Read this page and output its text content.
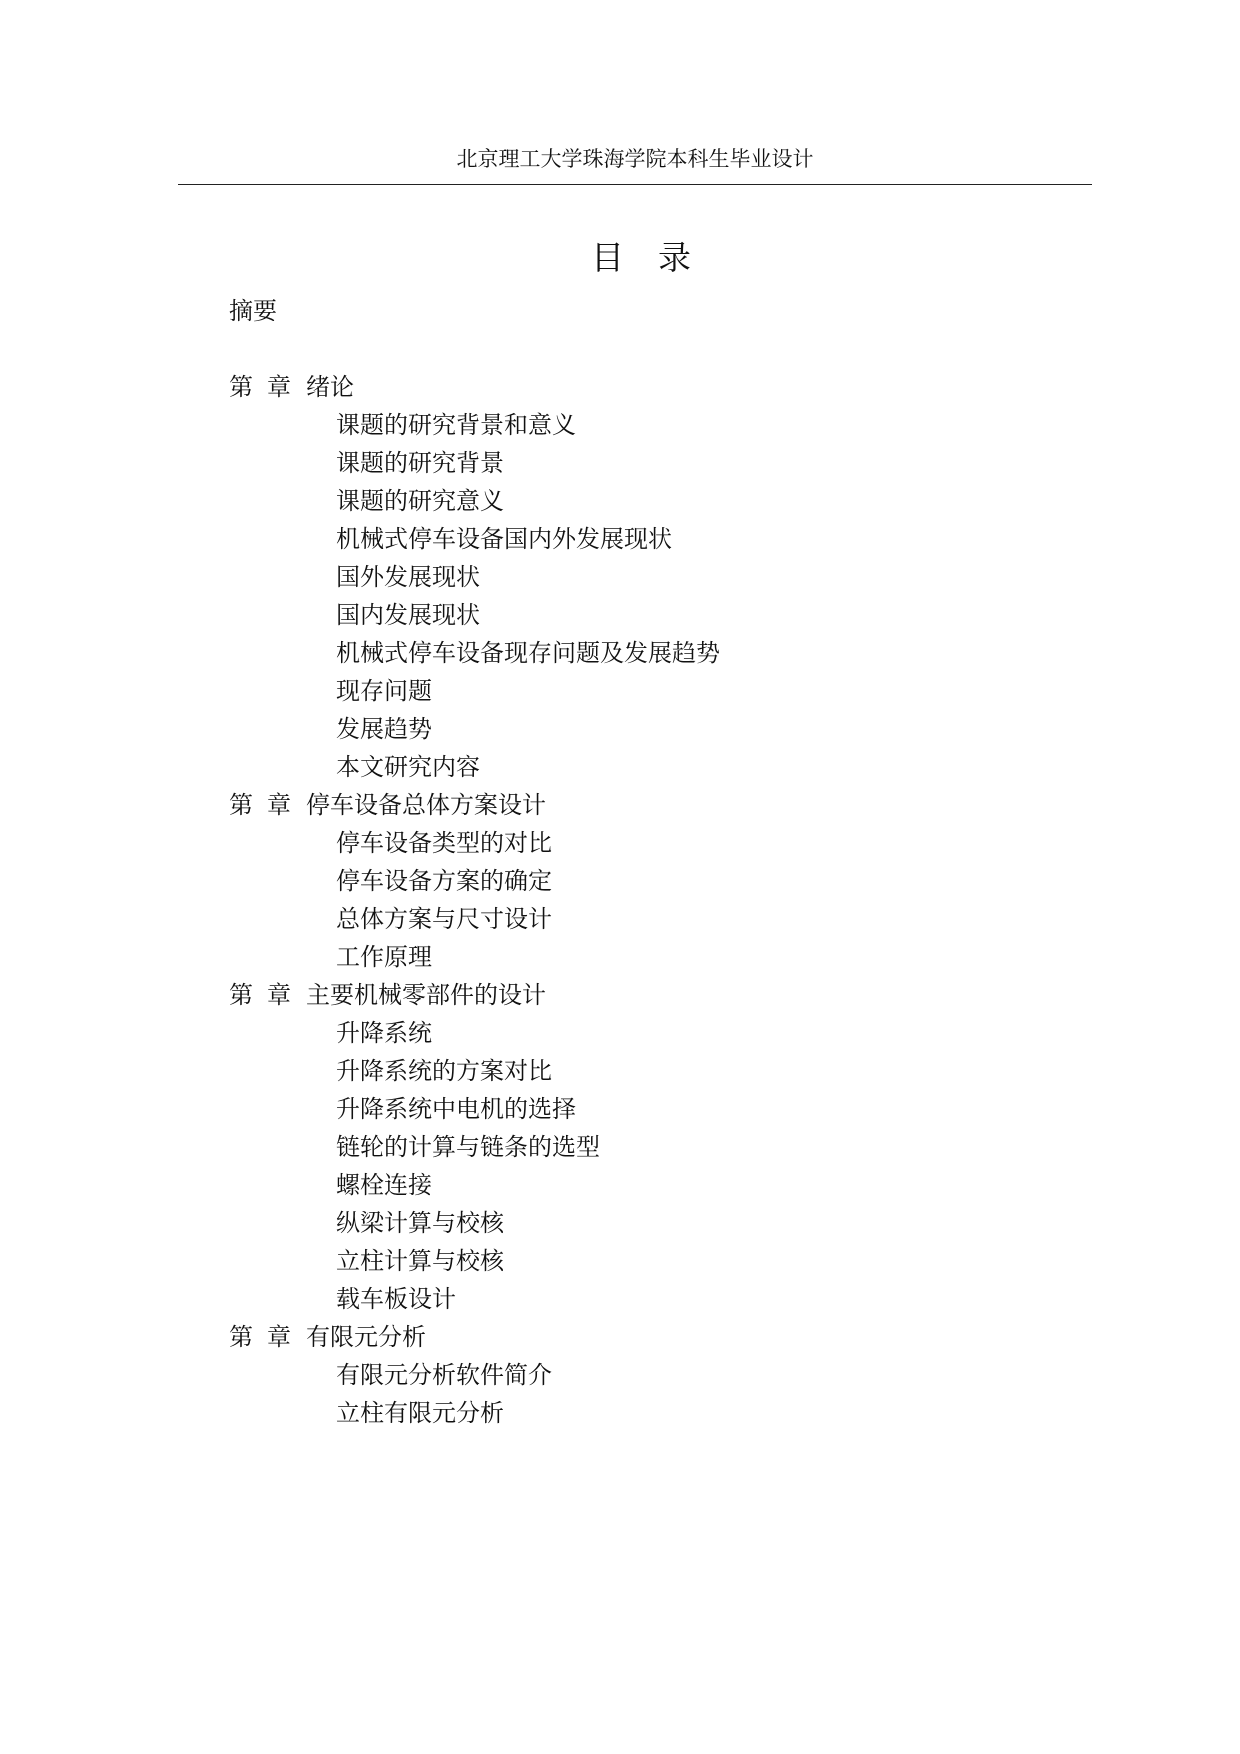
北京理工大学珠海学院本科生毕业设计
目录
摘要
第章绪论
课题的研究背景和意义
课题的研究背景
课题的研究意义
机械式停车设备国内外发展现状
国外发展现状
国内发展现状
机械式停车设备现存问题及发展趋势
现存问题
发展趋势
本文研究内容
第章停车设备总体方案设计
停车设备类型的对比
停车设备方案的确定
总体方案与尺寸设计
工作原理
第章主要机械零部件的设计
升降系统
升降系统的方案对比
升降系统中电机的选择
链轮的计算与链条的选型
螺栓连接
纵梁计算与校核
立柱计算与校核
载车板设计
第章有限元分析
有限元分析软件简介
立柱有限元分析
